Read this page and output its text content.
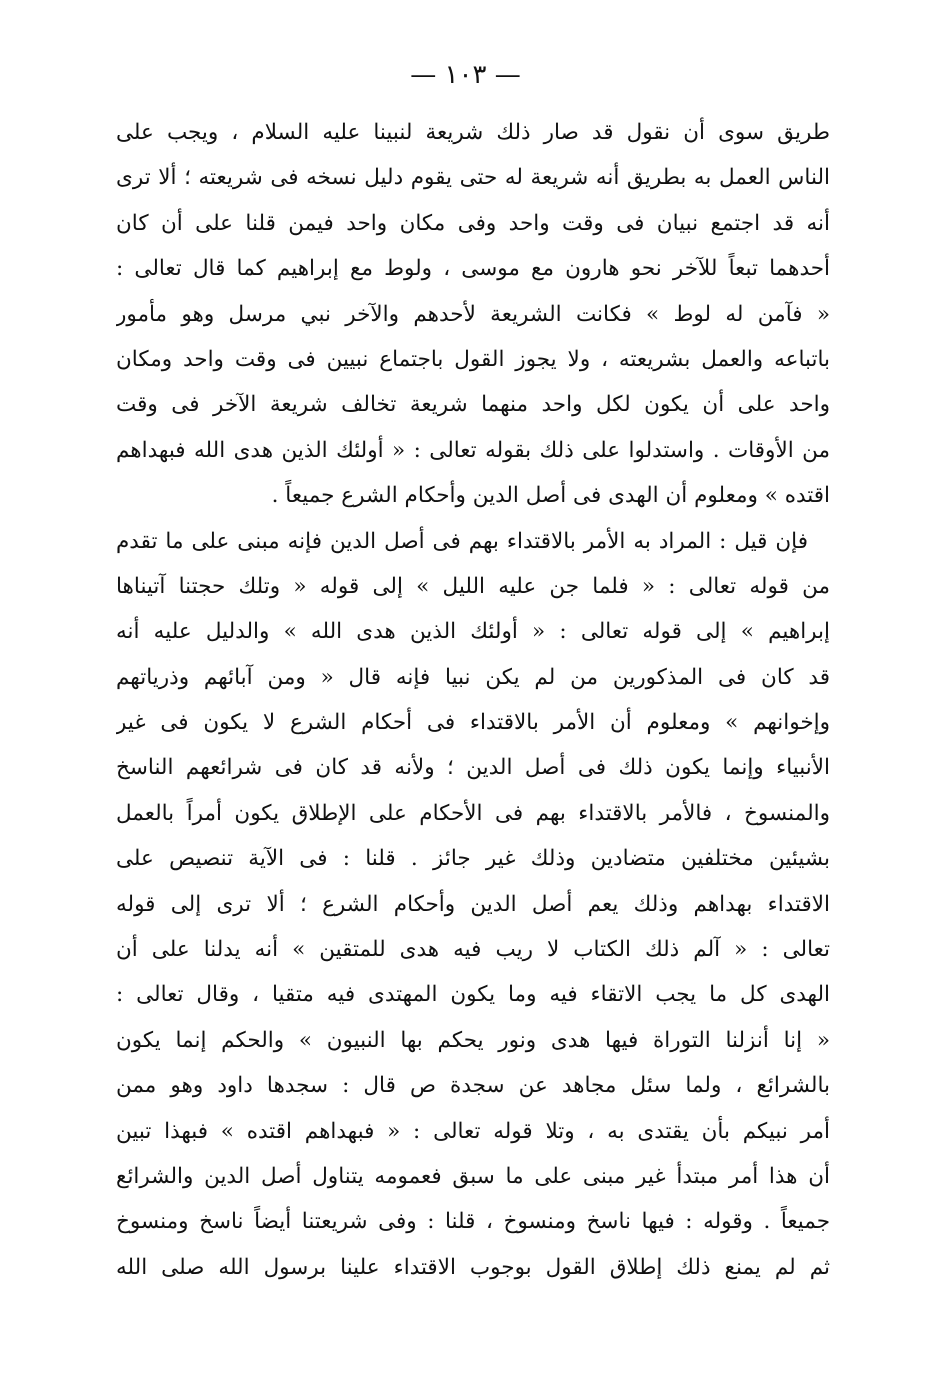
— ١٠٣ —
طريق سوى أن نقول قد صار ذلك شريعة لنبينا عليه السلام ، ويجب على
الناس العمل به بطريق أنه شريعة له حتى يقوم دليل نسخه فى شريعته ؛ ألا ترى
أنه قد اجتمع نبيان فى وقت واحد وفى مكان واحد فيمن قلنا على أن كان
أحدهما تبعاً للآخر نحو هارون مع موسى ، ولوط مع إبراهيم كما قال تعالى :
« فآمن له لوط » فكانت الشريعة لأحدهم والآخر نبي مرسل وهو مأمور
باتباعه والعمل بشريعته ، ولا يجوز القول باجتماع نبيين فى وقت واحد ومكان
واحد على أن يكون لكل واحد منهما شريعة تخالف شريعة الآخر فى وقت
من الأوقات . واستدلوا على ذلك بقوله تعالى : « أولئك الذين هدى الله فبهداهم
اقتده » ومعلوم أن الهدى فى أصل الدين وأحكام الشرع جميعاً .
فإن قيل : المراد به الأمر بالاقتداء بهم فى أصل الدين فإنه مبنى على ما تقدم
من قوله تعالى : « فلما جن عليه الليل » إلى قوله « وتلك حجتنا آتيناها
إبراهيم » إلى قوله تعالى : « أولئك الذين هدى الله » والدليل عليه أنه
قد كان فى المذكورين من لم يكن نبيا فإنه قال « ومن آبائهم وذرياتهم
وإخوانهم » ومعلوم أن الأمر بالاقتداء فى أحكام الشرع لا يكون فى غير
الأنبياء وإنما يكون ذلك فى أصل الدين ؛ ولأنه قد كان فى شرائعهم الناسخ
والمنسوخ ، فالأمر بالاقتداء بهم فى الأحكام على الإطلاق يكون أمراً بالعمل
بشيئين مختلفين متضادين وذلك غير جائز . قلنا : فى الآية تنصيص على
الاقتداء بهداهم وذلك يعم أصل الدين وأحكام الشرع ؛ ألا ترى إلى قوله
تعالى : « آلم ذلك الكتاب لا ريب فيه هدى للمتقين » أنه يدلنا على أن
الهدى كل ما يجب الاتقاء فيه وما يكون المهتدى فيه متقيا ، وقال تعالى :
« إنا أنزلنا التوراة فيها هدى ونور يحكم بها النبيون » والحكم إنما يكون
بالشرائع ، ولما سئل مجاهد عن سجدة ص قال : سجدها داود وهو ممن
أمر نبيكم بأن يقتدى به ، وتلا قوله تعالى : « فبهداهم اقتده » فبهذا تبين
أن هذا أمر مبتدأ غير مبنى على ما سبق فعمومه يتناول أصل الدين والشرائع
جميعاً . وقوله : فيها ناسخ ومنسوخ ، قلنا : وفى شريعتنا أيضاً ناسخ ومنسوخ
ثم لم يمنع ذلك إطلاق القول بوجوب الاقتداء علينا برسول الله صلى الله
